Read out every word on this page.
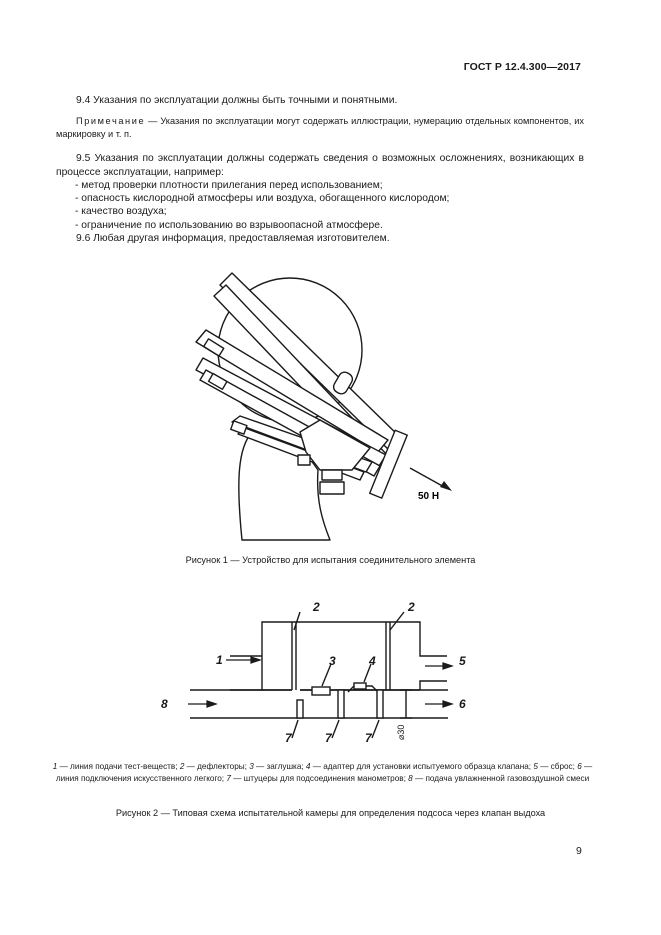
ГОСТ Р 12.4.300—2017
9.4 Указания по эксплуатации должны быть точными и понятными.
Примечание — Указания по эксплуатации могут содержать иллюстрации, нумерацию отдельных компонентов, их маркировку и т. п.
9.5 Указания по эксплуатации должны содержать сведения о возможных осложнениях, возникающих в процессе эксплуатации, например:
- метод проверки плотности прилегания перед использованием;
- опасность кислородной атмосферы или воздуха, обогащенного кислородом;
- качество воздуха;
- ограничение по использованию во взрывоопасной атмосфере.
9.6 Любая другая информация, предоставляемая изготовителем.
50 Н
Рисунок 1 — Устройство для испытания соединительного элемента
1
2	2
3	4	5
6
7	7	7
8
⌀30
1 — линия подачи тест-веществ; 2 — дефлекторы; 3 — заглушка; 4 — адаптер для установки испытуемого образца клапана; 5 — сброс; 6 — линия подключения искусственного легкого; 7 — штуцеры для подсоединения манометров; 8 — подача увлажненной газовоздушной смеси
Рисунок 2 — Типовая схема испытательной камеры для определения подсоса через клапан выдоха
9
